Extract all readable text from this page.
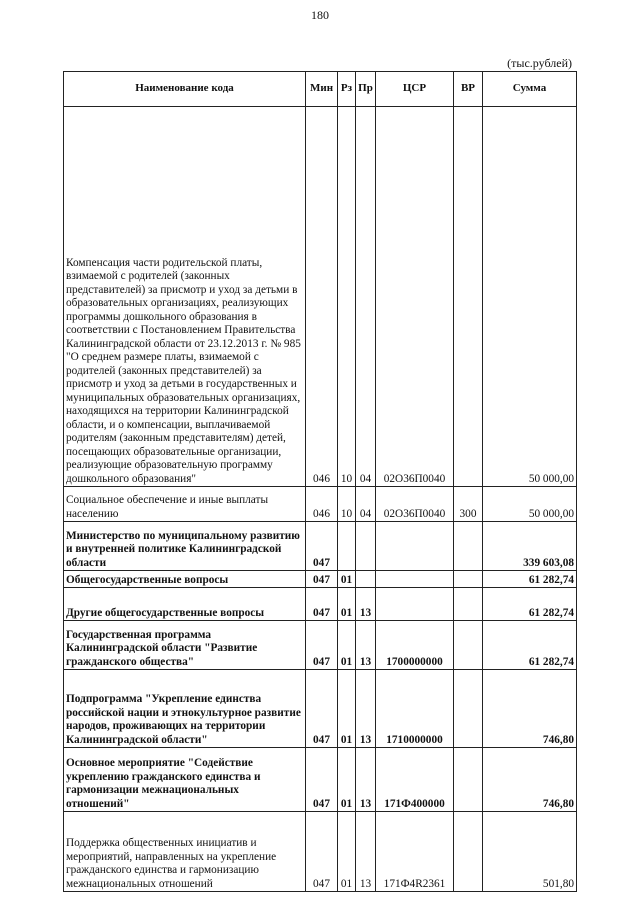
180
(тыс.рублей)
Наименование кода	Мин	Рз	Пр	ЦСР	ВР	Сумма
Компенсация части родительской платы, взимаемой с родителей (законных представителей) за присмотр и уход за детьми в образовательных организациях, реализующих программы дошкольного образования в соответствии с Постановлением Правительства Калининградской области от 23.12.2013 г. № 985 "О среднем размере платы, взимаемой с родителей (законных представителей) за присмотр и уход за детьми в государственных и муниципальных образовательных организациях, находящихся на территории Калининградской области, и о компенсации, выплачиваемой родителям (законным представителям) детей, посещающих образовательные организации, реализующие образовательную программу дошкольного образования"	046	10	04	02О36П0040		50 000,00
Социальное обеспечение и иные выплаты населению	046	10	04	02О36П0040	300	50 000,00
Министерство по муниципальному развитию и внутренней политике Калининградской области	047					339 603,08
Общегосударственные вопросы	047	01				61 282,74
Другие общегосударственные вопросы	047	01	13			61 282,74
Государственная программа Калининградской области "Развитие гражданского общества"	047	01	13	1700000000		61 282,74
Подпрограмма "Укрепление единства российской нации и этнокультурное развитие народов, проживающих на территории Калининградской области"	047	01	13	1710000000		746,80
Основное мероприятие "Содействие укреплению гражданского единства и гармонизации межнациональных отношений"	047	01	13	171Ф400000		746,80
Поддержка общественных инициатив и мероприятий, направленных на укрепление гражданского единства и гармонизацию межнациональных отношений	047	01	13	171Ф4R2361		501,80
